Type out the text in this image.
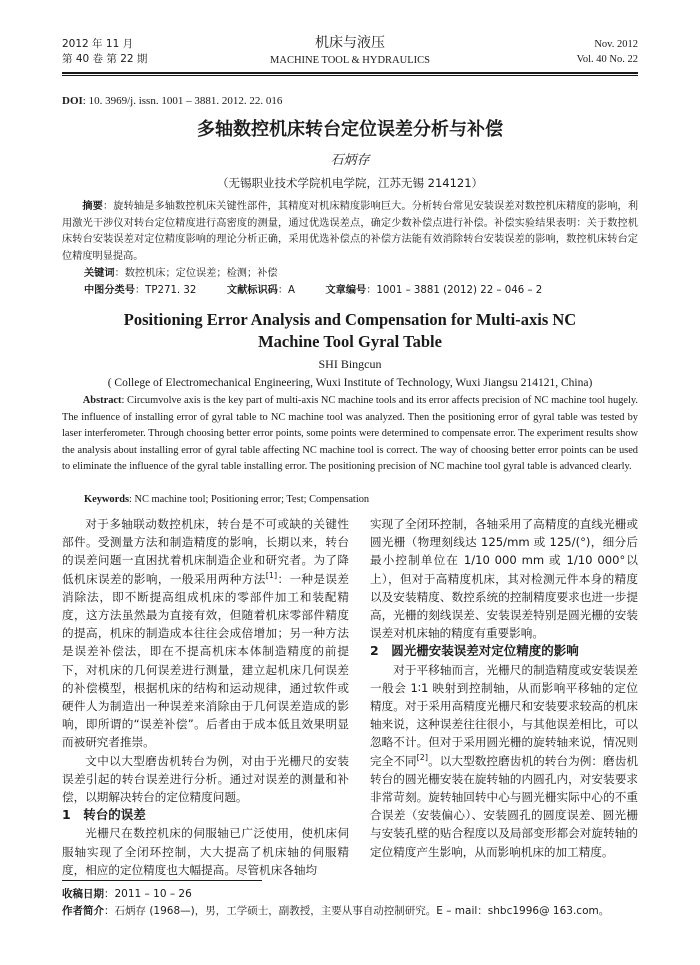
2012 年 11 月
第 40 卷 第 22 期
机床与液压
MACHINE TOOL & HYDRAULICS
Nov. 2012
Vol. 40 No. 22
DOI: 10. 3969/j. issn. 1001 – 3881. 2012. 22. 016
多轴数控机床转台定位误差分析与补偿
石炳存
（无锡职业技术学院机电学院，江苏无锡 214121）
摘要：旋转轴是多轴数控机床关键性部件，其精度对机床精度影响巨大。分析转台常见安装误差对数控机床精度的影响，利用激光干涉仪对转台定位精度进行高密度的测量，通过优选误差点，确定少数补偿点进行补偿。补偿实验结果表明：关于数控机床转台安装误差对定位精度影响的理论分析正确，采用优选补偿点的补偿方法能有效消除转台安装误差的影响，数控机床转台定位精度明显提高。
关键词：数控机床；定位误差；检测；补偿
中图分类号：TP271. 32	文献标识码：A	文章编号：1001 – 3881 (2012) 22 – 046 – 2
Positioning Error Analysis and Compensation for Multi-axis NC
Machine Tool Gyral Table
SHI Bingcun
( College of Electromechanical Engineering, Wuxi Institute of Technology, Wuxi Jiangsu 214121, China)
Abstract: Circumvolve axis is the key part of multi-axis NC machine tools and its error affects precision of NC machine tool hugely. The influence of installing error of gyral table to NC machine tool was analyzed. Then the positioning error of gyral table was tested by laser interferometer. Through choosing better error points, some points were determined to compensate error. The experiment results show the analysis about installing error of gyral table affecting NC machine tool is correct. The way of choosing better error points can be used to eliminate the influence of the gyral table installing error. The positioning precision of NC machine tool gyral table is advanced clearly.
Keywords: NC machine tool; Positioning error; Test; Compensation

对于多轴联动数控机床，转台是不可或缺的关键性部件。受测量方法和制造精度的影响，长期以来，转台的误差问题一直困扰着机床制造企业和研究者。为了降低机床误差的影响，一般采用两种方法[1]：一种是误差消除法，即不断提高组成机床的零部件加工和装配精度，这方法虽然最为直接有效，但随着机床零部件精度的提高，机床的制造成本往往会成倍增加；另一种方法是误差补偿法，即在不提高机床本体制造精度的前提下，对机床的几何误差进行测量，建立起机床几何误差的补偿模型，根据机床的结构和运动规律，通过软件或硬件人为制造出一种误差来消除由于几何误差造成的影响，即所谓的“误差补偿”。后者由于成本低且效果明显而被研究者推崇。

文中以大型磨齿机转台为例，对由于光栅尺的安装误差引起的转台误差进行分析。通过对误差的测量和补偿，以期解决转台的定位精度问题。

1　转台的误差

光栅尺在数控机床的伺服轴已广泛使用，使机床伺服轴实现了全闭环控制，大大提高了机床轴的伺服精度，相应的定位精度也大幅提高。尽管机床各轴均

实现了全闭环控制，各轴采用了高精度的直线光栅或圆光栅（物理刻线达 125/mm 或 125/(°)，细分后最小控制单位在 1/10 000 mm 或 1/10 000°以上），但对于高精度机床，其对检测元件本身的精度以及安装精度、数控系统的控制精度要求也进一步提高，光栅的刻线误差、安装误差特别是圆光栅的安装误差对机床轴的精度有重要影响。

2　圆光栅安装误差对定位精度的影响

对于平移轴而言，光栅尺的制造精度或安装误差一般会 1∶1 映射到控制轴，从而影响平移轴的定位精度。对于采用高精度光栅尺和安装要求较高的机床轴来说，这种误差往往很小，与其他误差相比，可以忽略不计。但对于采用圆光栅的旋转轴来说，情况则完全不同[2]。以大型数控磨齿机的转台为例：磨齿机转台的圆光栅安装在旋转轴的内圆孔内，对安装要求非常苛刻。旋转轴回转中心与圆光栅实际中心的不重合误差（安装偏心）、安装圆孔的圆度误差、圆光栅与安装孔壁的贴合程度以及局部变形都会对旋转轴的定位精度产生影响，从而影响机床的加工精度。

收稿日期：2011 – 10 – 26
作者简介：石炳存 (1968—)，男，工学硕士，副教授，主要从事自动控制研究。E – mail：shbc1996@ 163.com。
